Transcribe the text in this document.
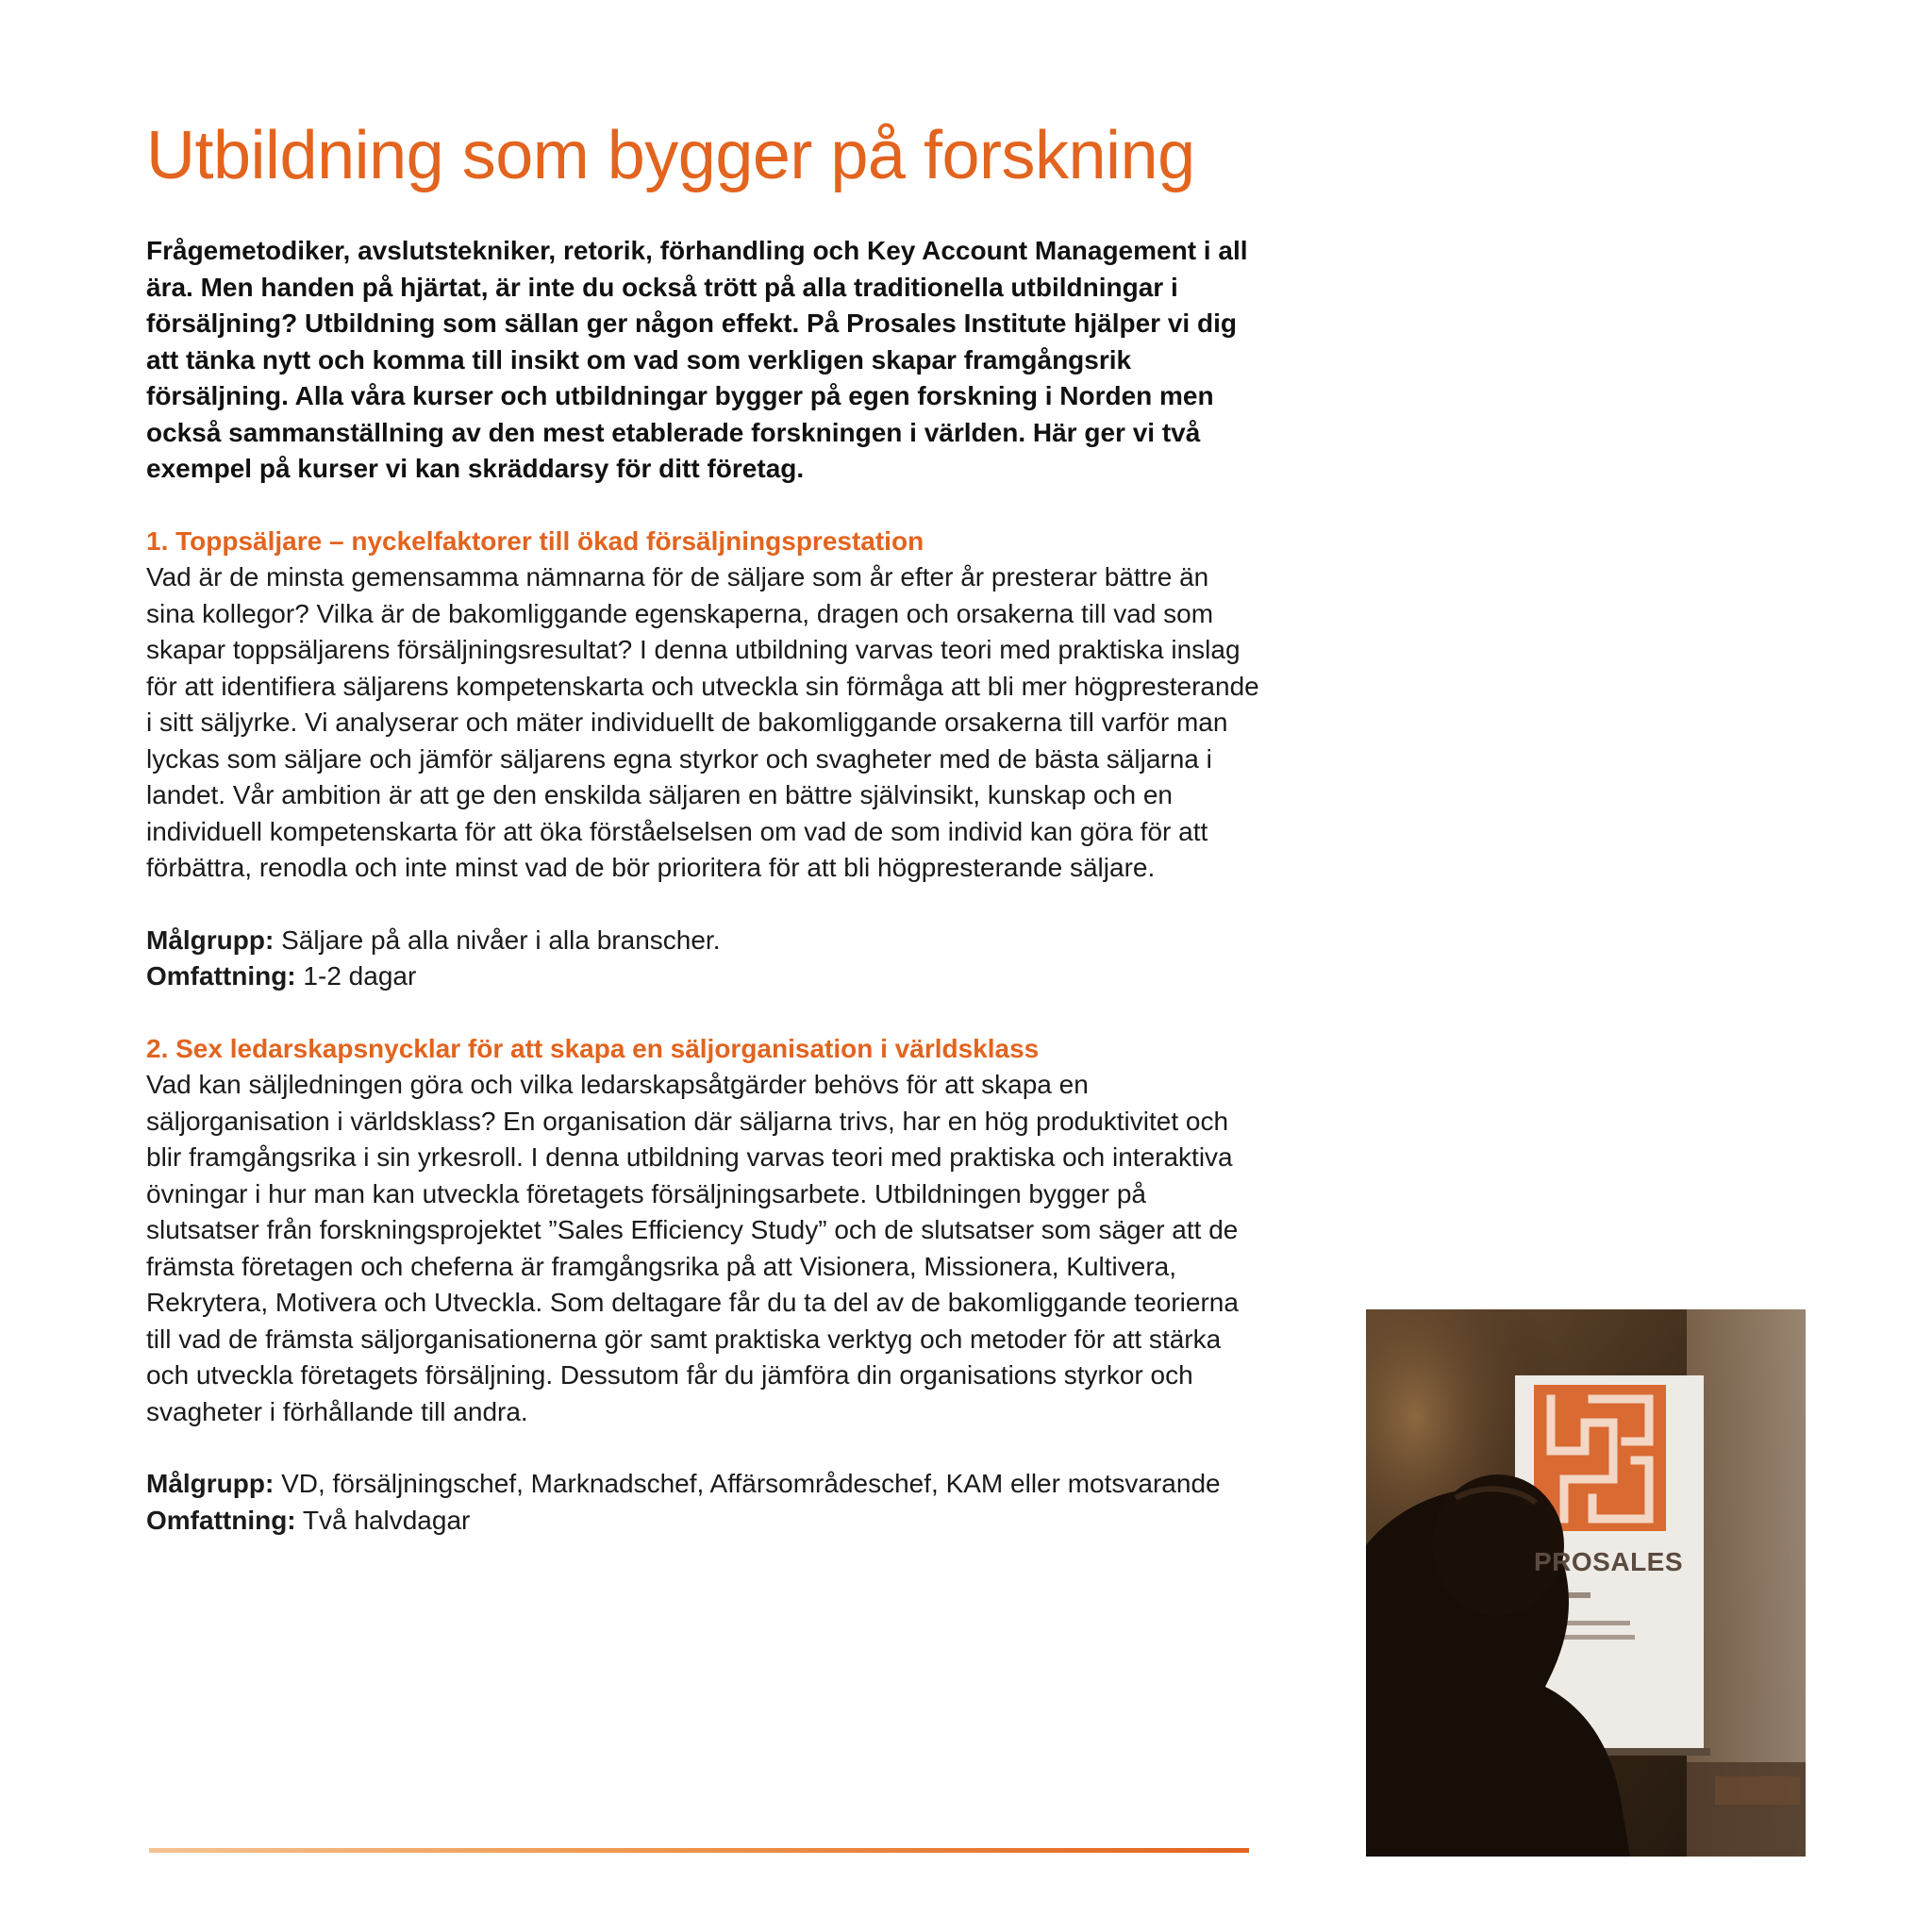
Utbildning som bygger på forskning

Frågemetodiker, avslutstekniker, retorik, förhandling och Key Account Management i all ära. Men handen på hjärtat, är inte du också trött på alla traditionella utbildningar i försäljning? Utbildning som sällan ger någon effekt. På Prosales Institute hjälper vi dig att tänka nytt och komma till insikt om vad som verkligen skapar framgångsrik försäljning. Alla våra kurser och utbildningar bygger på egen forskning i Norden men också sammanställning av den mest etablerade forskningen i världen. Här ger vi två exempel på kurser vi kan skräddarsy för ditt företag.

1. Toppsäljare – nyckelfaktorer till ökad försäljningsprestation

Vad är de minsta gemensamma nämnarna för de säljare som år efter år presterar bättre än sina kollegor? Vilka är de bakomliggande egenskaperna, dragen och orsakerna till vad som skapar toppsäljarens försäljningsresultat? I denna utbildning varvas teori med praktiska inslag för att identifiera säljarens kompetenskarta och utveckla sin förmåga att bli mer högpresterande i sitt säljyrke. Vi analyserar och mäter individuellt de bakomliggande orsakerna till varför man lyckas som säljare och jämför säljarens egna styrkor och svagheter med de bästa säljarna i landet. Vår ambition är att ge den enskilda säljaren en bättre självinsikt, kunskap och en individuell kompetenskarta för att öka förståelselsen om vad de som individ kan göra för att förbättra, renodla och inte minst vad de bör prioritera för att bli högpresterande säljare.

Målgrupp: Säljare på alla nivåer i alla branscher.

Omfattning: 1-2 dagar

2. Sex ledarskapsnycklar för att skapa en säljorganisation i världsklass

Vad kan säljledningen göra och vilka ledarskapsåtgärder behövs för att skapa en säljorganisation i världsklass? En organisation där säljarna trivs, har en hög produktivitet och blir framgångsrika i sin yrkesroll. I denna utbildning varvas teori med praktiska och interaktiva övningar i hur man kan utveckla företagets försäljningsarbete. Utbildningen bygger på slutsatser från forskningsprojektet ”Sales Efficiency Study” och de slutsatser som säger att de främsta företagen och cheferna är framgångsrika på att Visionera, Missionera, Kultivera, Rekrytera, Motivera och Utveckla. Som deltagare får du ta del av de bakomliggande teorierna till vad de främsta säljorganisationerna gör samt praktiska verktyg och metoder för att stärka och utveckla företagets försäljning. Dessutom får du jämföra din organisations styrkor och svagheter i förhållande till andra.

Målgrupp: VD, försäljningschef, Marknadschef, Affärsområdeschef, KAM eller motsvarande

Omfattning: Två halvdagar

PROSALES
